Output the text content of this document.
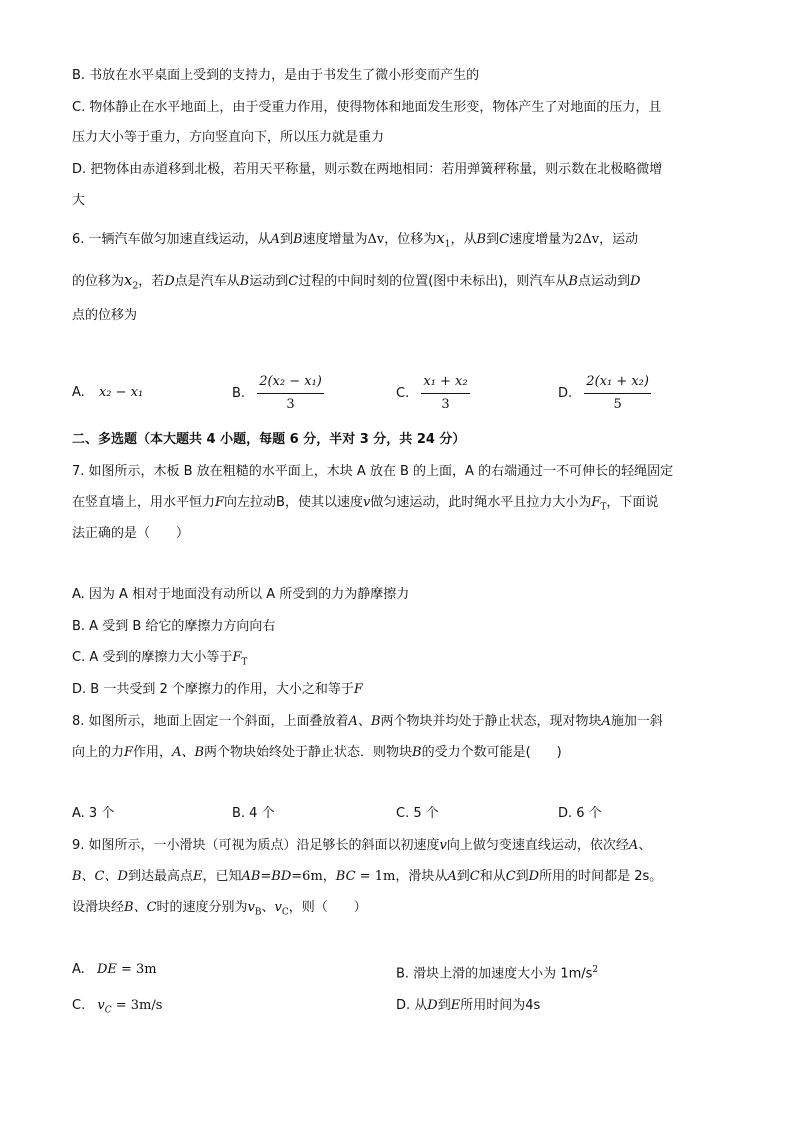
B. 书放在水平桌面上受到的支持力，是由于书发生了微小形变而产生的
C. 物体静止在水平地面上，由于受重力作用，使得物体和地面发生形变，物体产生了对地面的压力，且
压力大小等于重力，方向竖直向下，所以压力就是重力
D. 把物体由赤道移到北极，若用天平称量，则示数在两地相同：若用弹簧秤称量，则示数在北极略微增
大
6. 一辆汽车做匀加速直线运动，从A到B速度增量为Δv，位移为$x_1$，从B到C速度增量为2Δv，运动
的位移为$x_2$，若D点是汽车从B运动到C过程的中间时刻的位置(图中未标出)，则汽车从B点运动到D
点的位移为
A. x₂ − x₁	B. $\frac{\text{2(x₂ − x₁)}}{3}$	C. $\frac{\text{x₁ + x₂}}{3}$	D. $\frac{\text{2(x₁ + x₂)}}{5}$
二、多选题（本大题共 4 小题，每题 6 分，半对 3 分，共 24 分）
7. 如图所示，木板 B 放在粗糙的水平面上，木块 A 放在 B 的上面，A 的右端通过一不可伸长的轻绳固定
在竖直墙上，用水平恒力F向左拉动B，使其以速度v做匀速运动，此时绳水平且拉力大小为$F_T$，下面说
法正确的是（　　）
A. 因为 A 相对于地面没有动所以 A 所受到的力为静摩擦力
B. A 受到 B 给它的摩擦力方向向右
C. A 受到的摩擦力大小等于$F_T$
D. B 一共受到 2 个摩擦力的作用，大小之和等于F
8. 如图所示，地面上固定一个斜面，上面叠放着A、B两个物块并均处于静止状态，现对物块A施加一斜
向上的力F作用，A、B两个物块始终处于静止状态．则物块B的受力个数可能是(　　)
A. 3 个	B. 4 个	C. 5 个	D. 6 个
9. 如图所示，一小滑块（可视为质点）沿足够长的斜面以初速度v向上做匀变速直线运动，依次经A、
B、C、D到达最高点E，已知AB=BD=6m，BC = 1m，滑块从A到C和从C到D所用的时间都是 2s。
设滑块经B、C时的速度分别为$v_B$、$v_C$，则（　　）
A. DE = 3m	B. 滑块上滑的加速度大小为 $1m/s^2$
C. $v_C = 3m/s$	D. 从D到E所用时间为4s
